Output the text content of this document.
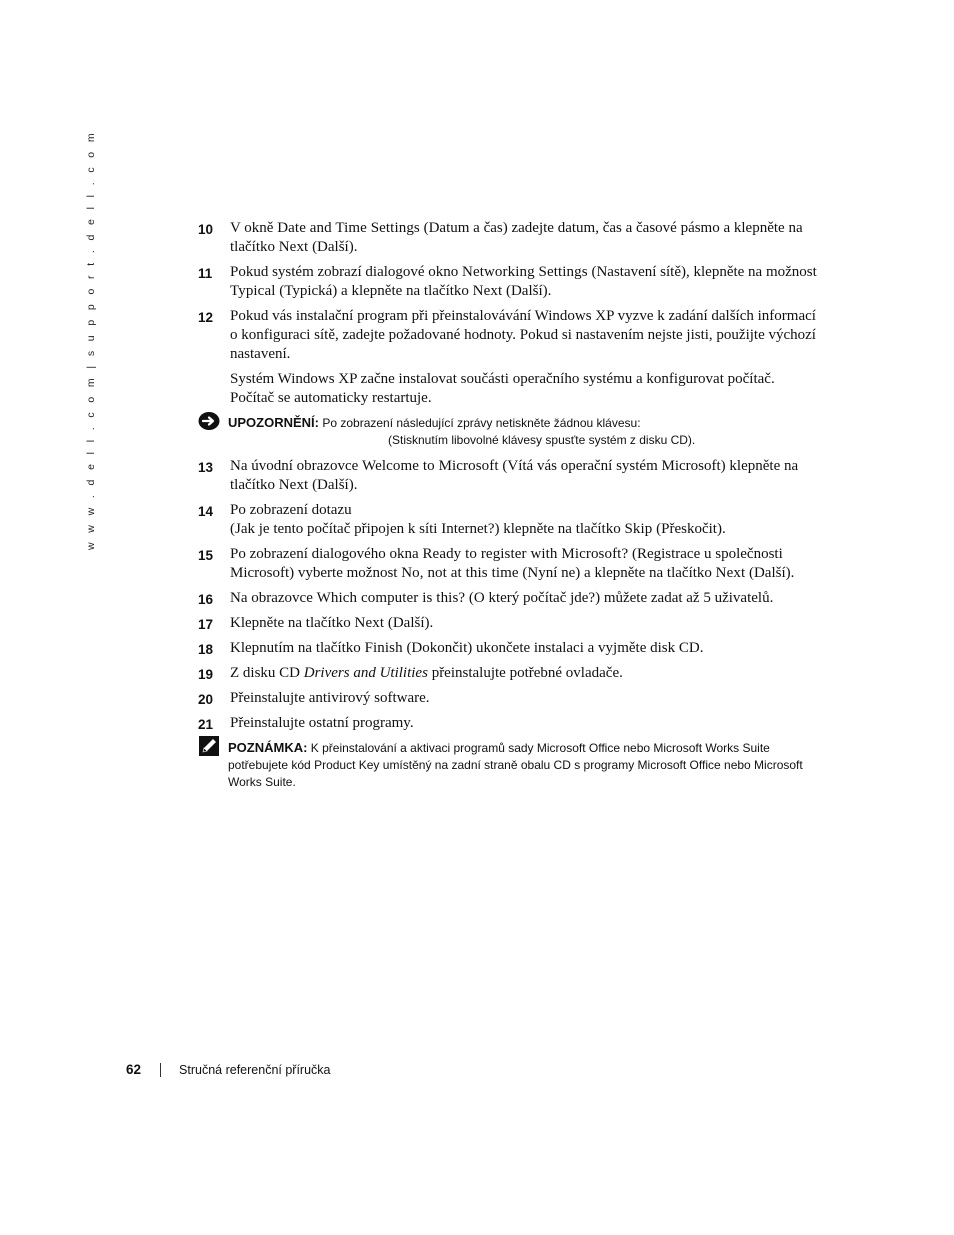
w w w . d e l l . c o m | s u p p o r t . d e l l . c o m	10 V okně Date and Time Settings (Datum a čas) zadejte datum, čas a časové pásmo a klepněte na tlačítko Next (Další).

11 Pokud systém zobrazí dialogové okno Networking Settings (Nastavení sítě), klepněte na možnost Typical (Typická) a klepněte na tlačítko Next (Další).

12 Pokud vás instalační program při přeinstalovávání Windows XP vyzve k zadání dalších informací o konfiguraci sítě, zadejte požadované hodnoty. Pokud si nastavením nejste jisti, použijte výchozí nastavení.

Systém Windows XP začne instalovat součásti operačního systému a konfigurovat počítač. Počítač se automaticky restartuje.

UPOZORNĚNÍ: Po zobrazení následující zprávy netiskněte žádnou klávesu:
(Stisknutím libovolné klávesy spusťte systém z disku CD).
13 Na úvodní obrazovce Welcome to Microsoft (Vítá vás operační systém Microsoft) klepněte na tlačítko Next (Další).

14 Po zobrazení dotazu
(Jak je tento počítač připojen k síti Internet?) klepněte na tlačítko Skip (Přeskočit).

15 Po zobrazení dialogového okna Ready to register with Microsoft? (Registrace u společnosti Microsoft) vyberte možnost No, not at this time (Nyní ne) a klepněte na tlačítko Next (Další).

16 Na obrazovce Which computer is this? (O který počítač jde?) můžete zadat až 5 uživatelů.

17 Klepněte na tlačítko Next (Další).

18 Klepnutím na tlačítko Finish (Dokončit) ukončete instalaci a vyjměte disk CD.

19 Z disku CD Drivers and Utilities přeinstalujte potřebné ovladače.

20 Přeinstalujte antivirový software.

21 Přeinstalujte ostatní programy.

POZNÁMKA: K přeinstalování a aktivaci programů sady Microsoft Office nebo Microsoft Works Suite potřebujete kód Product Key umístěný na zadní straně obalu CD s programy Microsoft Office nebo Microsoft Works Suite.
62	Stručná referenční příručka
